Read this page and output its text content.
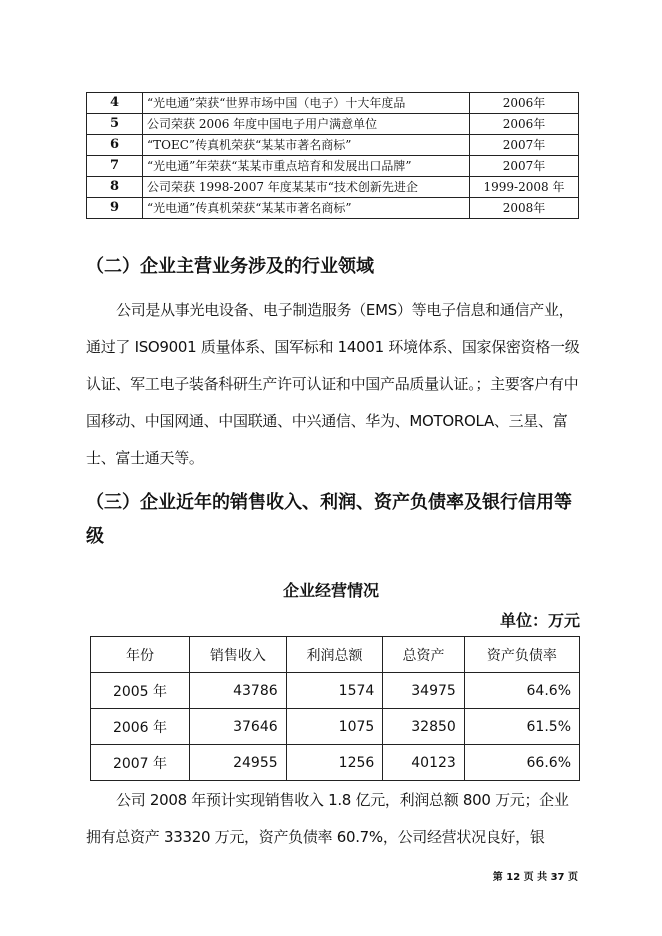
4	“光电通”荣获“世界市场中国（电子）十大年度品	2006年
5	公司荣获 2006 年度中国电子用户满意单位	2006年
6	“TOEC”传真机荣获“某某市著名商标”	2007年
7	“光电通”年荣获“某某市重点培育和发展出口品牌”	2007年
8	公司荣获 1998-2007 年度某某市“技术创新先进企	1999-2008 年
9	“光电通”传真机荣获“某某市著名商标”	2008年
（二）企业主营业务涉及的行业领域

公司是从事光电设备、电子制造服务（EMS）等电子信息和通信产业，通过了 ISO9001 质量体系、国军标和 14001 环境体系、国家保密资格一级认证、军工电子装备科研生产许可认证和中国产品质量认证。；主要客户有中国移动、中国网通、中国联通、中兴通信、华为、MOTOROLA、三星、富士、富士通天等。

（三）企业近年的销售收入、利润、资产负债率及银行信用等级
企业经营情况
单位：万元
年份	销售收入	利润总额	总资产	资产负债率
2005 年	43786	1574	34975	64.6%
2006 年	37646	1075	32850	61.5%
2007 年	24955	1256	40123	66.6%

公司 2008 年预计实现销售收入 1.8 亿元，利润总额 800 万元；企业拥有总资产 33320 万元，资产负债率 60.7%，公司经营状况良好，银

第 12 页 共 37 页
